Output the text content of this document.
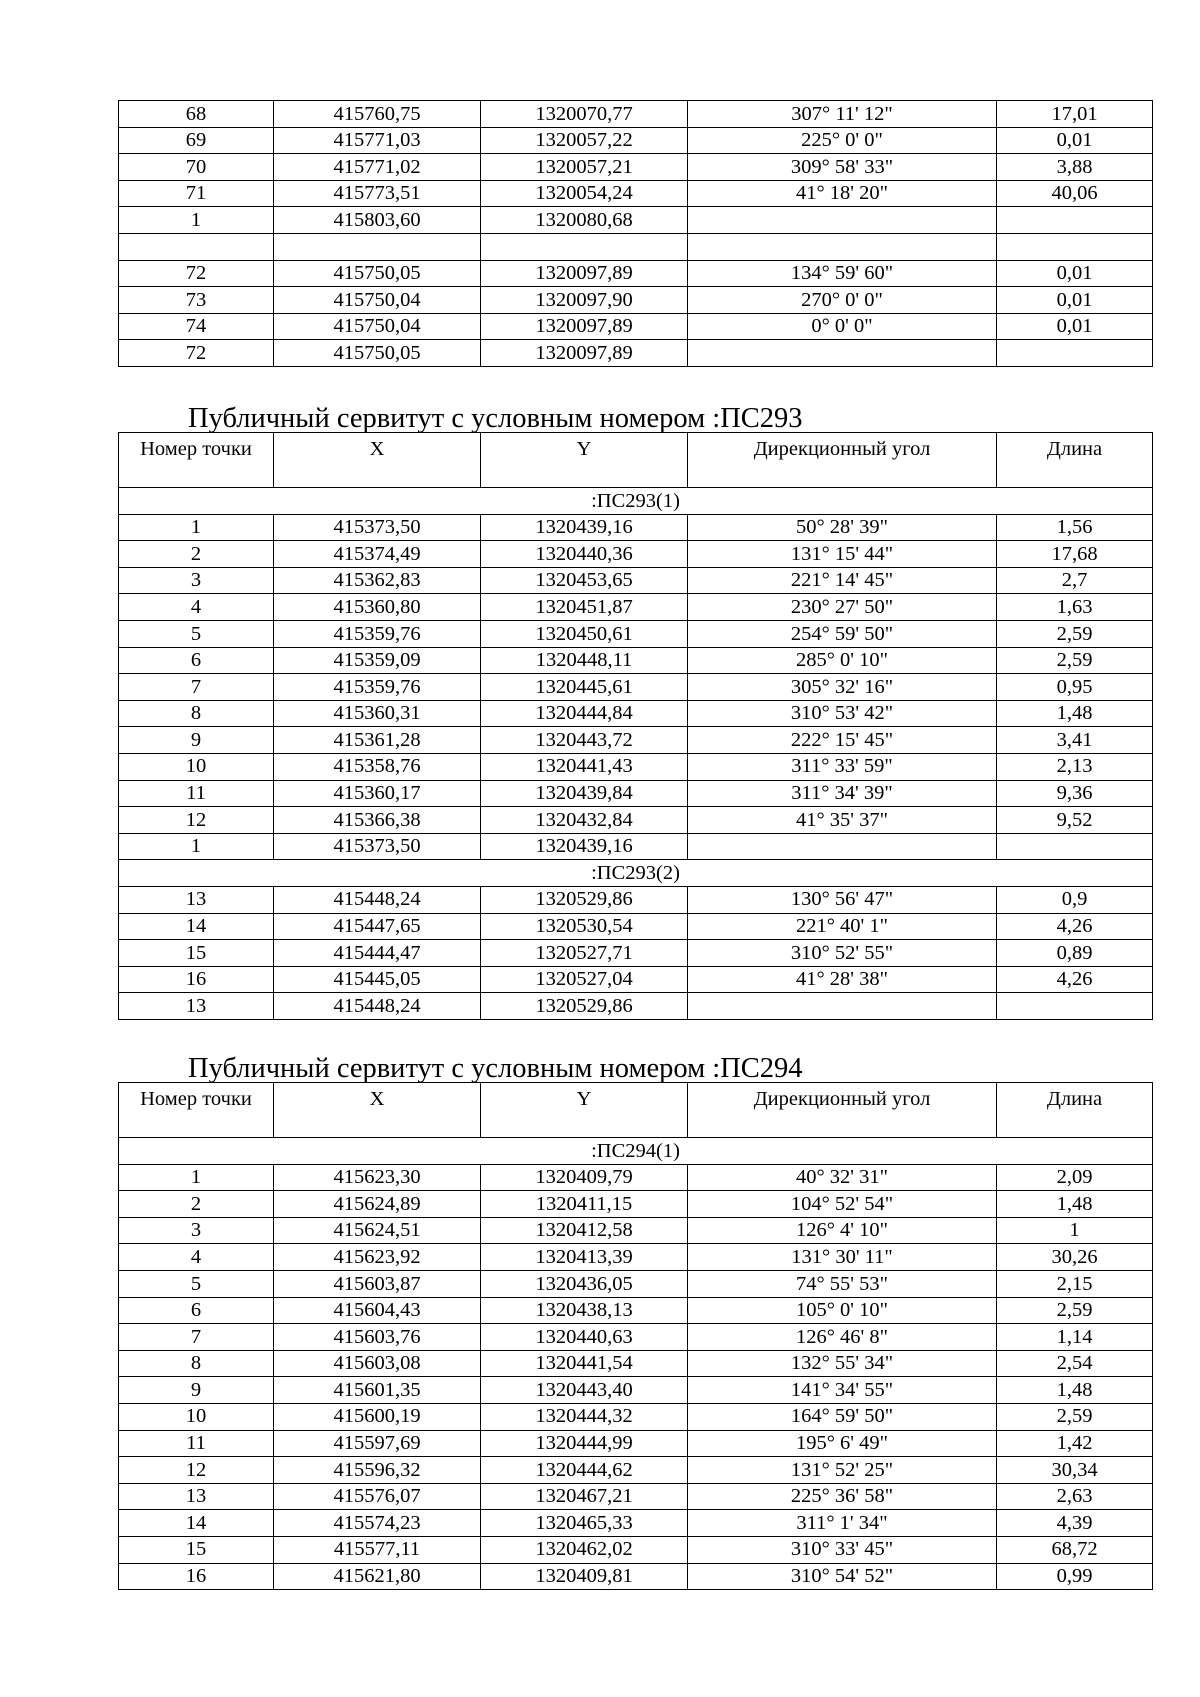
68	415760,75	1320070,77	307° 11' 12"	17,01
69	415771,03	1320057,22	225° 0' 0"	0,01
70	415771,02	1320057,21	309° 58' 33"	3,88
71	415773,51	1320054,24	41° 18' 20"	40,06
1	415803,60	1320080,68		

72	415750,05	1320097,89	134° 59' 60"	0,01
73	415750,04	1320097,90	270° 0' 0"	0,01
74	415750,04	1320097,89	0° 0' 0"	0,01
72	415750,05	1320097,89		
Публичный сервитут с условным номером :ПС293
Номер точки	X	Y	Дирекционный угол	Длина
:ПС293(1)				
1	415373,50	1320439,16	50° 28' 39"	1,56
2	415374,49	1320440,36	131° 15' 44"	17,68
3	415362,83	1320453,65	221° 14' 45"	2,7
4	415360,80	1320451,87	230° 27' 50"	1,63
5	415359,76	1320450,61	254° 59' 50"	2,59
6	415359,09	1320448,11	285° 0' 10"	2,59
7	415359,76	1320445,61	305° 32' 16"	0,95
8	415360,31	1320444,84	310° 53' 42"	1,48
9	415361,28	1320443,72	222° 15' 45"	3,41
10	415358,76	1320441,43	311° 33' 59"	2,13
11	415360,17	1320439,84	311° 34' 39"	9,36
12	415366,38	1320432,84	41° 35' 37"	9,52
1	415373,50	1320439,16		
:ПС293(2)				
13	415448,24	1320529,86	130° 56' 47"	0,9
14	415447,65	1320530,54	221° 40' 1"	4,26
15	415444,47	1320527,71	310° 52' 55"	0,89
16	415445,05	1320527,04	41° 28' 38"	4,26
13	415448,24	1320529,86		
Публичный сервитут с условным номером :ПС294
Номер точки	X	Y	Дирекционный угол	Длина
:ПС294(1)				
1	415623,30	1320409,79	40° 32' 31"	2,09
2	415624,89	1320411,15	104° 52' 54"	1,48
3	415624,51	1320412,58	126° 4' 10"	1
4	415623,92	1320413,39	131° 30' 11"	30,26
5	415603,87	1320436,05	74° 55' 53"	2,15
6	415604,43	1320438,13	105° 0' 10"	2,59
7	415603,76	1320440,63	126° 46' 8"	1,14
8	415603,08	1320441,54	132° 55' 34"	2,54
9	415601,35	1320443,40	141° 34' 55"	1,48
10	415600,19	1320444,32	164° 59' 50"	2,59
11	415597,69	1320444,99	195° 6' 49"	1,42
12	415596,32	1320444,62	131° 52' 25"	30,34
13	415576,07	1320467,21	225° 36' 58"	2,63
14	415574,23	1320465,33	311° 1' 34"	4,39
15	415577,11	1320462,02	310° 33' 45"	68,72
16	415621,80	1320409,81	310° 54' 52"	0,99
